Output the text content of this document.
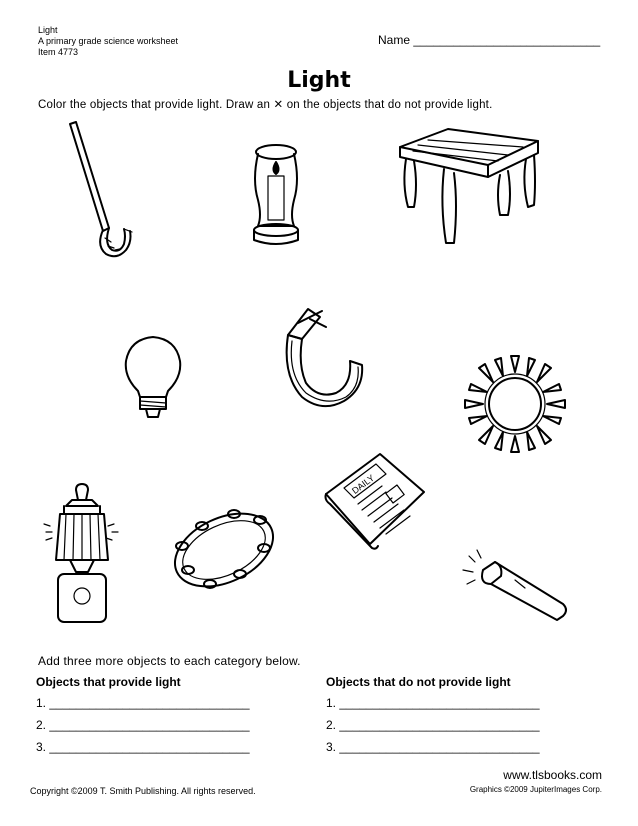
Light
A primary grade science worksheet
Item 4773
Name ____________________________
Light
Color the objects that provide light. Draw an ✕ on the objects that do not provide light.
DAILY
Add three more objects to each category below.
Objects that provide light
1. ______________________________
2. ______________________________
3. ______________________________
Objects that do not provide light
1. ______________________________
2. ______________________________
3. ______________________________
www.tlsbooks.com
Copyright ©2009 T. Smith Publishing. All rights reserved.	Graphics ©2009 JupiterImages Corp.
